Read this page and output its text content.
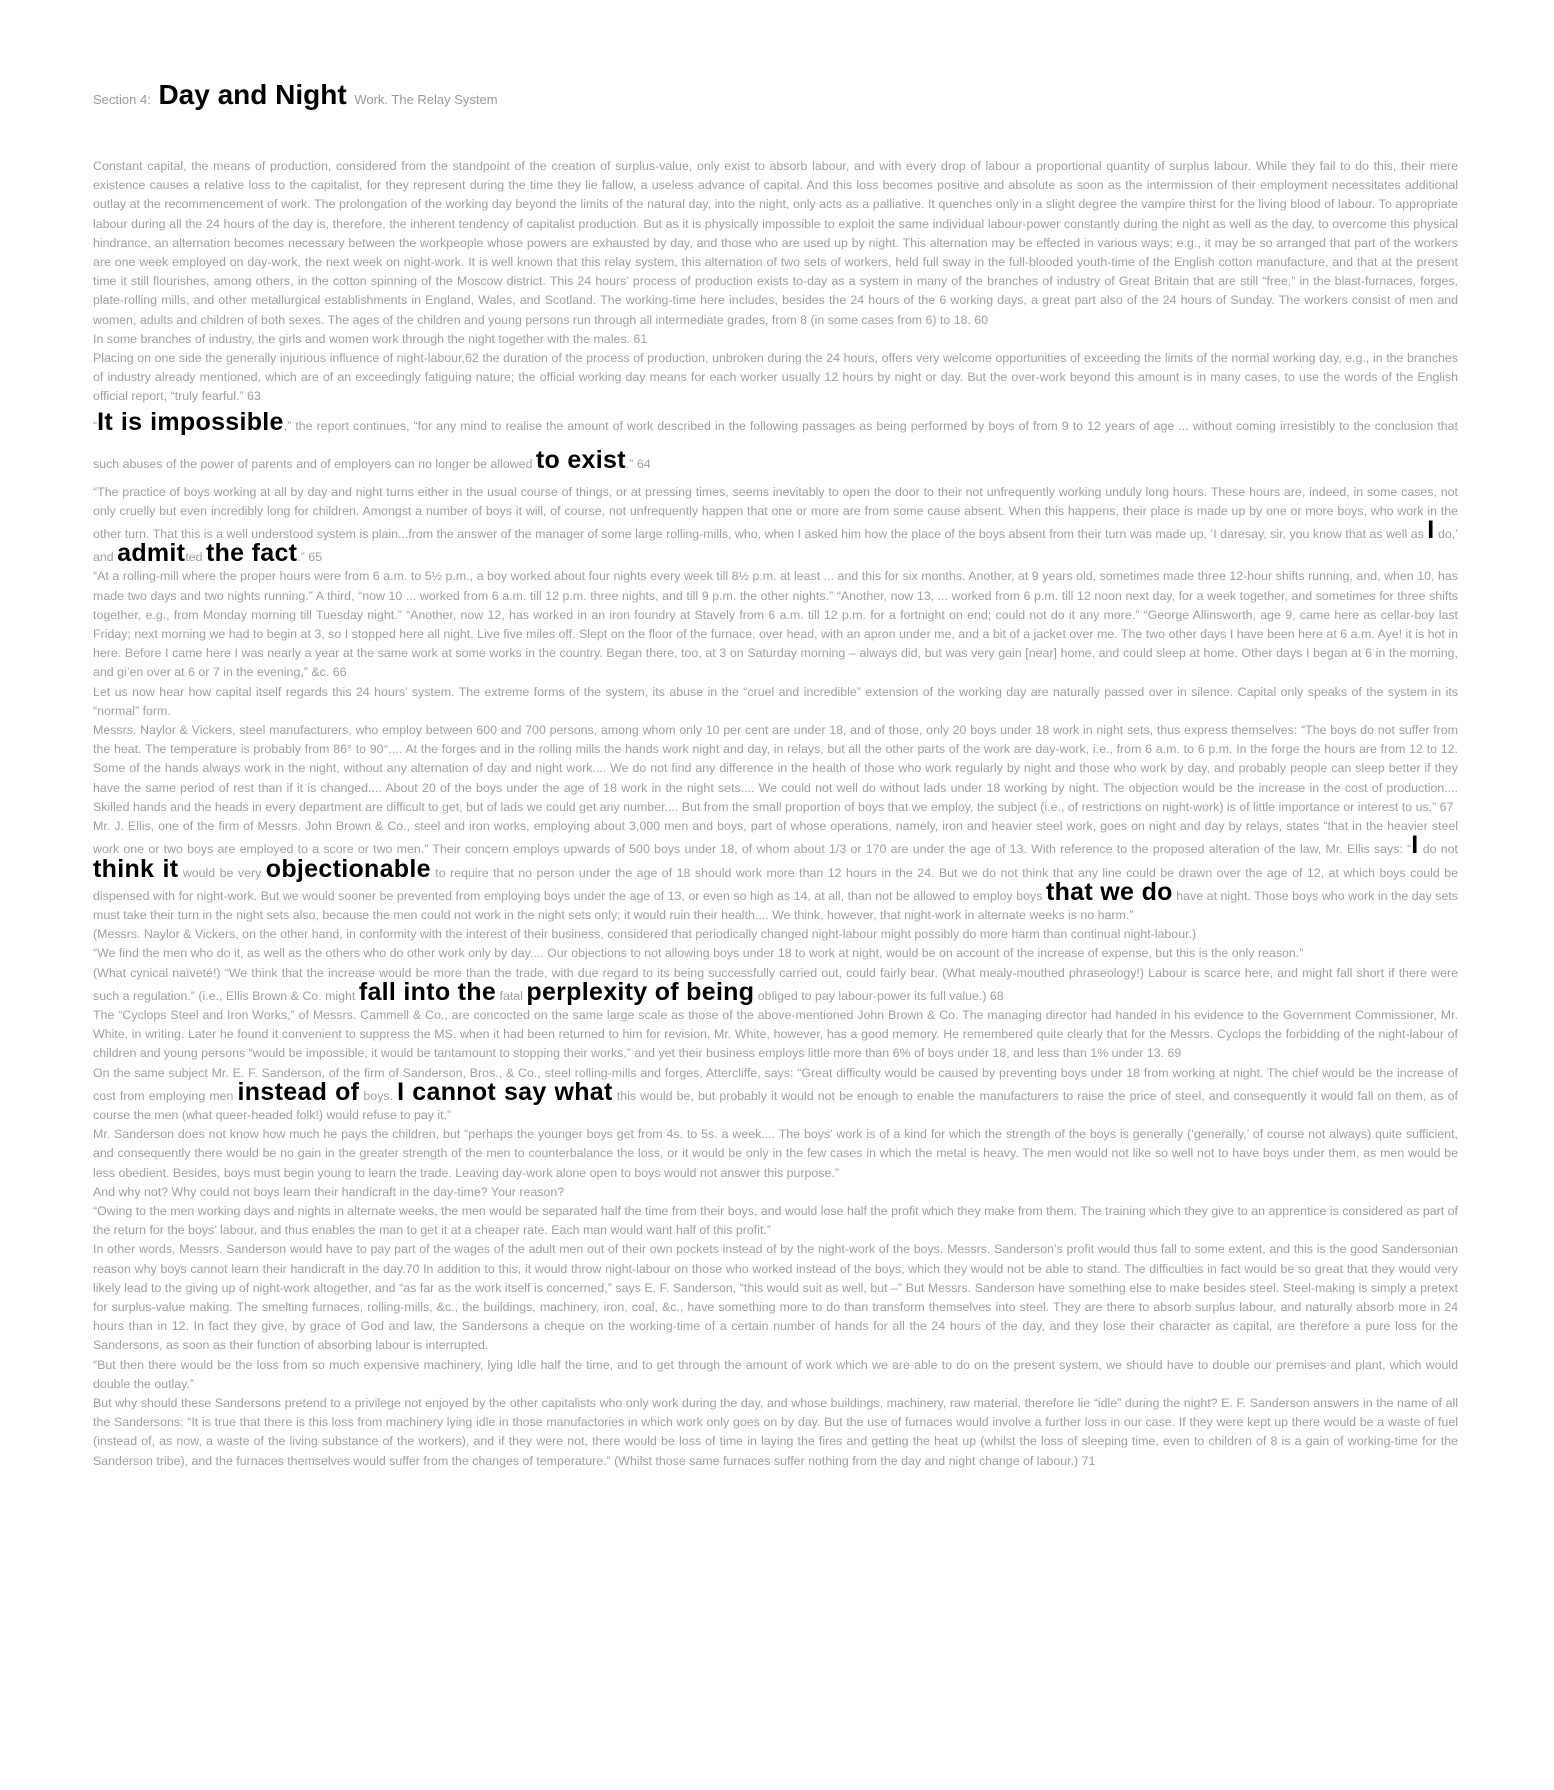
Section 4: Day and Night Work. The Relay System

Constant capital, the means of production, considered from the standpoint of the creation of surplus-value, only exist to absorb labour, and with every drop of labour a proportional quantity of surplus labour. While they fail to do this, their mere existence causes a relative loss to the capitalist, for they represent during the time they lie fallow, a useless advance of capital. And this loss becomes positive and absolute as soon as the intermission of their employment necessitates additional outlay at the recommencement of work. The prolongation of the working day beyond the limits of the natural day, into the night, only acts as a palliative. It quenches only in a slight degree the vampire thirst for the living blood of labour. To appropriate labour during all the 24 hours of the day is, therefore, the inherent tendency of capitalist production. But as it is physically impossible to exploit the same individual labour-power constantly during the night as well as the day, to overcome this physical hindrance, an alternation becomes necessary between the workpeople whose powers are exhausted by day, and those who are used up by night. This alternation may be effected in various ways; e.g., it may be so arranged that part of the workers are one week employed on day-work, the next week on night-work. It is well known that this relay system, this alternation of two sets of workers, held full sway in the full-blooded youth-time of the English cotton manufacture, and that at the present time it still flourishes, among others, in the cotton spinning of the Moscow district. This 24 hours’ process of production exists to-day as a system in many of the branches of industry of Great Britain that are still “free,” in the blast-furnaces, forges, plate-rolling mills, and other metallurgical establishments in England, Wales, and Scotland. The working-time here includes, besides the 24 hours of the 6 working days, a great part also of the 24 hours of Sunday. The workers consist of men and women, adults and children of both sexes. The ages of the children and young persons run through all intermediate grades, from 8 (in some cases from 6) to 18. 60

In some branches of industry, the girls and women work through the night together with the males. 61

Placing on one side the generally injurious influence of night-labour,62 the duration of the process of production, unbroken during the 24 hours, offers very welcome opportunities of exceeding the limits of the normal working day, e.g., in the branches of industry already mentioned, which are of an exceedingly fatiguing nature; the official working day means for each worker usually 12 hours by night or day. But the over-work beyond this amount is in many cases, to use the words of the English official report, “truly fearful.” 63

“It is impossible,” the report continues, “for any mind to realise the amount of work described in the following passages as being performed by boys of from 9 to 12 years of age ... without coming irresistibly to the conclusion that such abuses of the power of parents and of employers can no longer be allowed to exist.” 64

“The practice of boys working at all by day and night turns either in the usual course of things, or at pressing times, seems inevitably to open the door to their not unfrequently working unduly long hours. These hours are, indeed, in some cases, not only cruelly but even incredibly long for children. Amongst a number of boys it will, of course, not unfrequently happen that one or more are from some cause absent. When this happens, their place is made up by one or more boys, who work in the other turn. That this is a well understood system is plain...from the answer of the manager of some large rolling-mills, who, when I asked him how the place of the boys absent from their turn was made up, ‘I daresay, sir, you know that as well as I do,’ and admitted the fact.” 65

“At a rolling-mill where the proper hours were from 6 a.m. to 5½ p.m., a boy worked about four nights every week till 8½ p.m. at least ... and this for six months. Another, at 9 years old, sometimes made three 12-hour shifts running, and, when 10, has made two days and two nights running.” A third, “now 10 ... worked from 6 a.m. till 12 p.m. three nights, and till 9 p.m. the other nights.” “Another, now 13, ... worked from 6 p.m. till 12 noon next day, for a week together, and sometimes for three shifts together, e.g., from Monday morning till Tuesday night.” “Another, now 12, has worked in an iron foundry at Stavely from 6 a.m. till 12 p.m. for a fortnight on end; could not do it any more.” “George Allinsworth, age 9, came here as cellar-boy last Friday; next morning we had to begin at 3, so I stopped here all night. Live five miles off. Slept on the floor of the furnace, over head, with an apron under me, and a bit of a jacket over me. The two other days I have been here at 6 a.m. Aye! it is hot in here. Before I came here I was nearly a year at the same work at some works in the country. Began there, too, at 3 on Saturday morning – always did, but was very gain [near] home, and could sleep at home. Other days I began at 6 in the morning, and gi’en over at 6 or 7 in the evening,” &c. 66

Let us now hear how capital itself regards this 24 hours’ system. The extreme forms of the system, its abuse in the “cruel and incredible” extension of the working day are naturally passed over in silence. Capital only speaks of the system in its “normal” form.

Messrs. Naylor & Vickers, steel manufacturers, who employ between 600 and 700 persons, among whom only 10 per cent are under 18, and of those, only 20 boys under 18 work in night sets, thus express themselves: “The boys do not suffer from the heat. The temperature is probably from 86° to 90°.... At the forges and in the rolling mills the hands work night and day, in relays, but all the other parts of the work are day-work, i.e., from 6 a.m. to 6 p.m. In the forge the hours are from 12 to 12. Some of the hands always work in the night, without any alternation of day and night work.... We do not find any difference in the health of those who work regularly by night and those who work by day, and probably people can sleep better if they have the same period of rest than if it is changed.... About 20 of the boys under the age of 18 work in the night sets.... We could not well do without lads under 18 working by night. The objection would be the increase in the cost of production.... Skilled hands and the heads in every department are difficult to get, but of lads we could get any number.... But from the small proportion of boys that we employ, the subject (i.e., of restrictions on night-work) is of little importance or interest to us.” 67

Mr. J. Ellis, one of the firm of Messrs. John Brown & Co., steel and iron works, employing about 3,000 men and boys, part of whose operations, namely, iron and heavier steel work, goes on night and day by relays, states “that in the heavier steel work one or two boys are employed to a score or two men.” Their concern employs upwards of 500 boys under 18, of whom about 1/3 or 170 are under the age of 13. With reference to the proposed alteration of the law, Mr. Ellis says: “I do not think it would be very objectionable to require that no person under the age of 18 should work more than 12 hours in the 24. But we do not think that any line could be drawn over the age of 12, at which boys could be dispensed with for night-work. But we would sooner be prevented from employing boys under the age of 13, or even so high as 14, at all, than not be allowed to employ boys that we do have at night. Those boys who work in the day sets must take their turn in the night sets also, because the men could not work in the night sets only; it would ruin their health.... We think, however, that night-work in alternate weeks is no harm.”

(Messrs. Naylor & Vickers, on the other hand, in conformity with the interest of their business, considered that periodically changed night-labour might possibly do more harm than continual night-labour.)

“We find the men who do it, as well as the others who do other work only by day.... Our objections to not allowing boys under 18 to work at night, would be on account of the increase of expense, but this is the only reason.”

(What cynical naïveté!) “We think that the increase would be more than the trade, with due regard to its being successfully carried out, could fairly bear. (What mealy-mouthed phraseology!) Labour is scarce here, and might fall short if there were such a regulation.” (i.e., Ellis Brown & Co. might fall into the fatal perplexity of being obliged to pay labour-power its full value.) 68

The “Cyclops Steel and Iron Works,” of Messrs. Cammell & Co., are concocted on the same large scale as those of the above-mentioned John Brown & Co. The managing director had handed in his evidence to the Government Commissioner, Mr. White, in writing. Later he found it convenient to suppress the MS. when it had been returned to him for revision. Mr. White, however, has a good memory. He remembered quite clearly that for the Messrs. Cyclops the forbidding of the night-labour of children and young persons “would be impossible, it would be tantamount to stopping their works,” and yet their business employs little more than 6% of boys under 18, and less than 1% under 13. 69

On the same subject Mr. E. F. Sanderson, of the firm of Sanderson, Bros., & Co., steel rolling-mills and forges, Attercliffe, says: “Great difficulty would be caused by preventing boys under 18 from working at night. The chief would be the increase of cost from employing men instead of boys. I cannot say what this would be, but probably it would not be enough to enable the manufacturers to raise the price of steel, and consequently it would fall on them, as of course the men (what queer-headed folk!) would refuse to pay it.”

Mr. Sanderson does not know how much he pays the children, but “perhaps the younger boys get from 4s. to 5s. a week.... The boys’ work is of a kind for which the strength of the boys is generally (‘generally,’ of course not always) quite sufficient, and consequently there would be no gain in the greater strength of the men to counterbalance the loss, or it would be only in the few cases in which the metal is heavy. The men would not like so well not to have boys under them, as men would be less obedient. Besides, boys must begin young to learn the trade. Leaving day-work alone open to boys would not answer this purpose.”

And why not? Why could not boys learn their handicraft in the day-time? Your reason?

“Owing to the men working days and nights in alternate weeks, the men would be separated half the time from their boys, and would lose half the profit which they make from them. The training which they give to an apprentice is considered as part of the return for the boys’ labour, and thus enables the man to get it at a cheaper rate. Each man would want half of this profit.”

In other words, Messrs. Sanderson would have to pay part of the wages of the adult men out of their own pockets instead of by the night-work of the boys. Messrs. Sanderson’s profit would thus fall to some extent, and this is the good Sandersonian reason why boys cannot learn their handicraft in the day.70 In addition to this, it would throw night-labour on those who worked instead of the boys, which they would not be able to stand. The difficulties in fact would be so great that they would very likely lead to the giving up of night-work altogether, and “as far as the work itself is concerned,” says E. F. Sanderson, “this would suit as well, but –” But Messrs. Sanderson have something else to make besides steel. Steel-making is simply a pretext for surplus-value making. The smelting furnaces, rolling-mills, &c., the buildings, machinery, iron, coal, &c., have something more to do than transform themselves into steel. They are there to absorb surplus labour, and naturally absorb more in 24 hours than in 12. In fact they give, by grace of God and law, the Sandersons a cheque on the working-time of a certain number of hands for all the 24 hours of the day, and they lose their character as capital, are therefore a pure loss for the Sandersons, as soon as their function of absorbing labour is interrupted.

“But then there would be the loss from so much expensive machinery, lying idle half the time, and to get through the amount of work which we are able to do on the present system, we should have to double our premises and plant, which would double the outlay.”

But why should these Sandersons pretend to a privilege not enjoyed by the other capitalists who only work during the day, and whose buildings, machinery, raw material, therefore lie “idle” during the night? E. F. Sanderson answers in the name of all the Sandersons: “It is true that there is this loss from machinery lying idle in those manufactories in which work only goes on by day. But the use of furnaces would involve a further loss in our case. If they were kept up there would be a waste of fuel (instead of, as now, a waste of the living substance of the workers), and if they were not, there would be loss of time in laying the fires and getting the heat up (whilst the loss of sleeping time, even to children of 8 is a gain of working-time for the Sanderson tribe), and the furnaces themselves would suffer from the changes of temperature.” (Whilst those same furnaces suffer nothing from the day and night change of labour.) 71
